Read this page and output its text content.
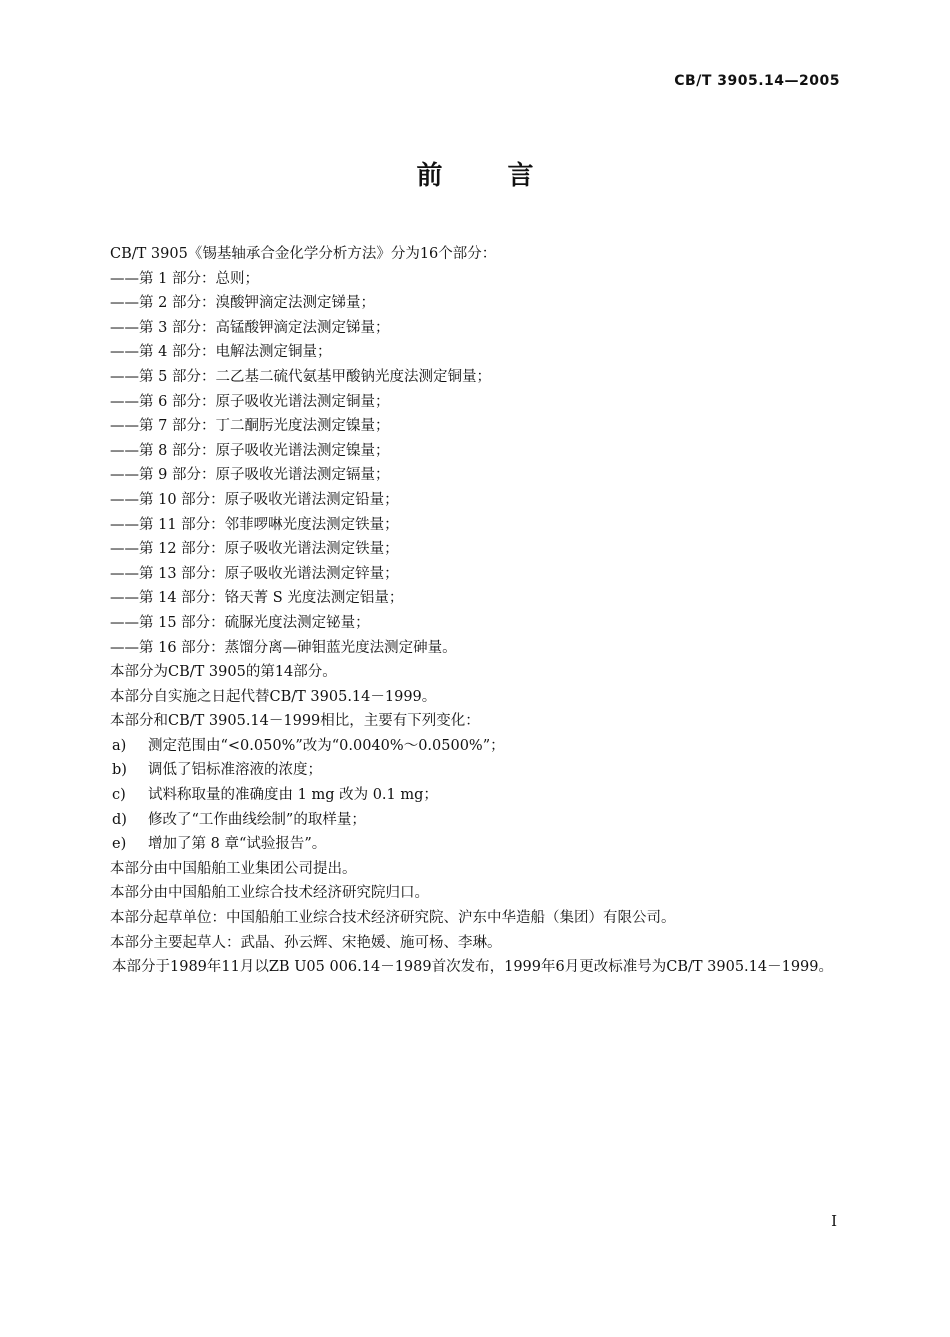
CB/T 3905.14—2005
前 言
CB/T 3905《锡基轴承合金化学分析方法》分为16个部分：
——第 1 部分：总则；
——第 2 部分：溴酸钾滴定法测定锑量；
——第 3 部分：高锰酸钾滴定法测定锑量；
——第 4 部分：电解法测定铜量；
——第 5 部分：二乙基二硫代氨基甲酸钠光度法测定铜量；
——第 6 部分：原子吸收光谱法测定铜量；
——第 7 部分：丁二酮肟光度法测定镍量；
——第 8 部分：原子吸收光谱法测定镍量；
——第 9 部分：原子吸收光谱法测定镉量；
——第 10 部分：原子吸收光谱法测定铅量；
——第 11 部分：邻菲啰啉光度法测定铁量；
——第 12 部分：原子吸收光谱法测定铁量；
——第 13 部分：原子吸收光谱法测定锌量；
——第 14 部分：铬天菁 S 光度法测定铝量；
——第 15 部分：硫脲光度法测定铋量；
——第 16 部分：蒸馏分离—砷钼蓝光度法测定砷量。
本部分为CB/T 3905的第14部分。
本部分自实施之日起代替CB/T 3905.14－1999。
本部分和CB/T 3905.14－1999相比，主要有下列变化：
a)	测定范围由“<0.050%”改为“0.0040%～0.0500%”；
b)	调低了铝标准溶液的浓度；
c)	试料称取量的准确度由 1 mg 改为 0.1 mg；
d)	修改了“工作曲线绘制”的取样量；
e)	增加了第 8 章“试验报告”。
本部分由中国船舶工业集团公司提出。
本部分由中国船舶工业综合技术经济研究院归口。
本部分起草单位：中国船舶工业综合技术经济研究院、沪东中华造船（集团）有限公司。
本部分主要起草人：武晶、孙云辉、宋艳媛、施可杨、李琳。
本部分于1989年11月以ZB U05 006.14－1989首次发布，1999年6月更改标准号为CB/T 3905.14－1999。
I
